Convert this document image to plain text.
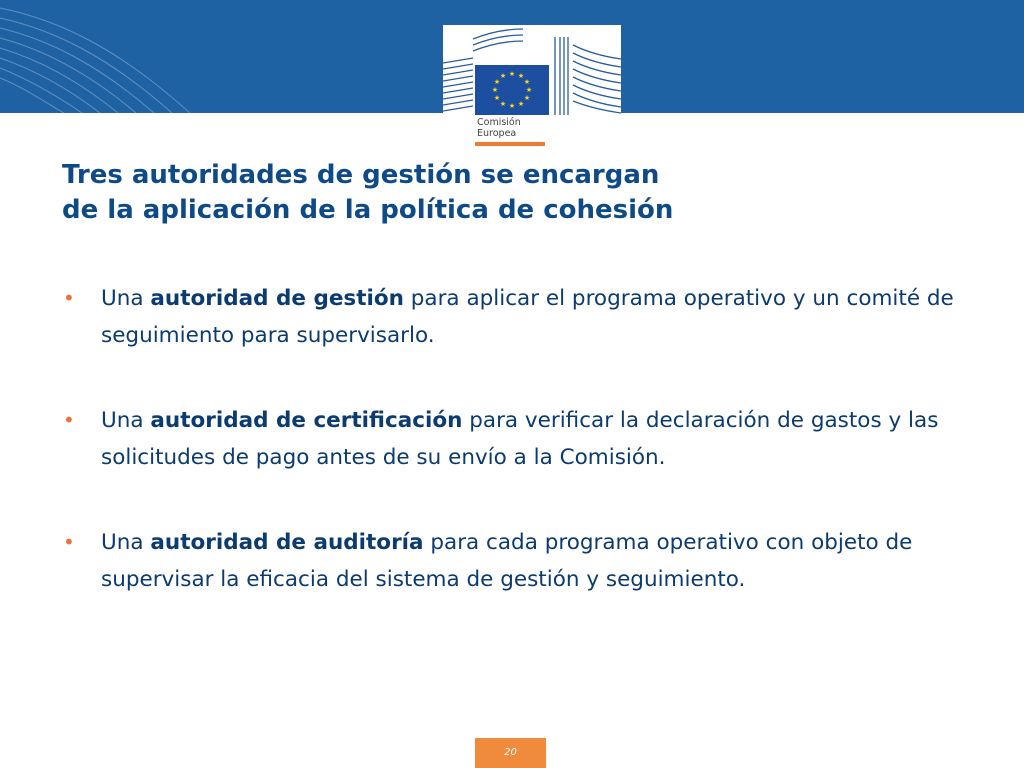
★ ★
★
★
★
★
★
★
★
★
★
★
Comisión
Europea
Tres autoridades de gestión se encargan
de la aplicación de la política de cohesión
• Una autoridad de gestión para aplicar el programa operativo y un comité de seguimiento para supervisarlo.
• Una autoridad de certificación para verificar la declaración de gastos y las solicitudes de pago antes de su envío a la Comisión.
• Una autoridad de auditoría para cada programa operativo con objeto de supervisar la eficacia del sistema de gestión y seguimiento.
20
